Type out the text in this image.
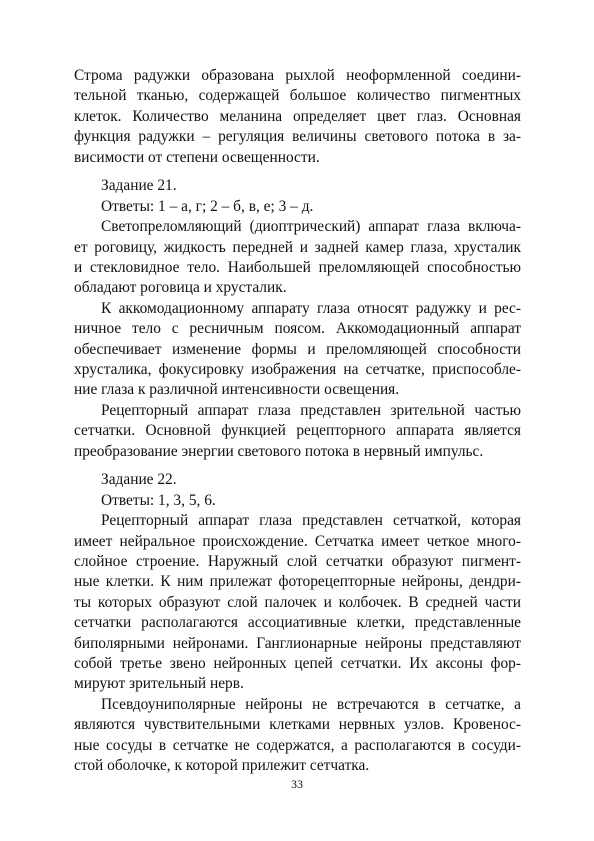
Строма радужки образована рыхлой неоформленной соедини-
тельной тканью, содержащей большое количество пигментных
клеток. Количество меланина определяет цвет глаз. Основная
функция радужки – регуляция величины светового потока в за-
висимости от степени освещенности.
Задание 21.
Ответы: 1 – а, г; 2 – б, в, е; 3 – д.
Светопреломляющий (диоптрический) аппарат глаза включа-
ет роговицу, жидкость передней и задней камер глаза, хрусталик
и стекловидное тело. Наибольшей преломляющей способностью
обладают роговица и хрусталик.
К аккомодационному аппарату глаза относят радужку и рес-
ничное тело с ресничным поясом. Аккомодационный аппарат
обеспечивает изменение формы и преломляющей способности
хрусталика, фокусировку изображения на сетчатке, приспособле-
ние глаза к различной интенсивности освещения.
Рецепторный аппарат глаза представлен зрительной частью
сетчатки. Основной функцией рецепторного аппарата является
преобразование энергии светового потока в нервный импульс.
Задание 22.
Ответы: 1, 3, 5, 6.
Рецепторный аппарат глаза представлен сетчаткой, которая
имеет нейральное происхождение. Сетчатка имеет четкое много-
слойное строение. Наружный слой сетчатки образуют пигмент-
ные клетки. К ним прилежат фоторецепторные нейроны, дендри-
ты которых образуют слой палочек и колбочек. В средней части
сетчатки располагаются ассоциативные клетки, представленные
биполярными нейронами. Ганглионарные нейроны представляют
собой третье звено нейронных цепей сетчатки. Их аксоны фор-
мируют зрительный нерв.
Псевдоуниполярные нейроны не встречаются в сетчатке, а
являются чувствительными клетками нервных узлов. Кровенос-
ные сосуды в сетчатке не содержатся, а располагаются в сосуди-
стой оболочке, к которой прилежит сетчатка.
33
